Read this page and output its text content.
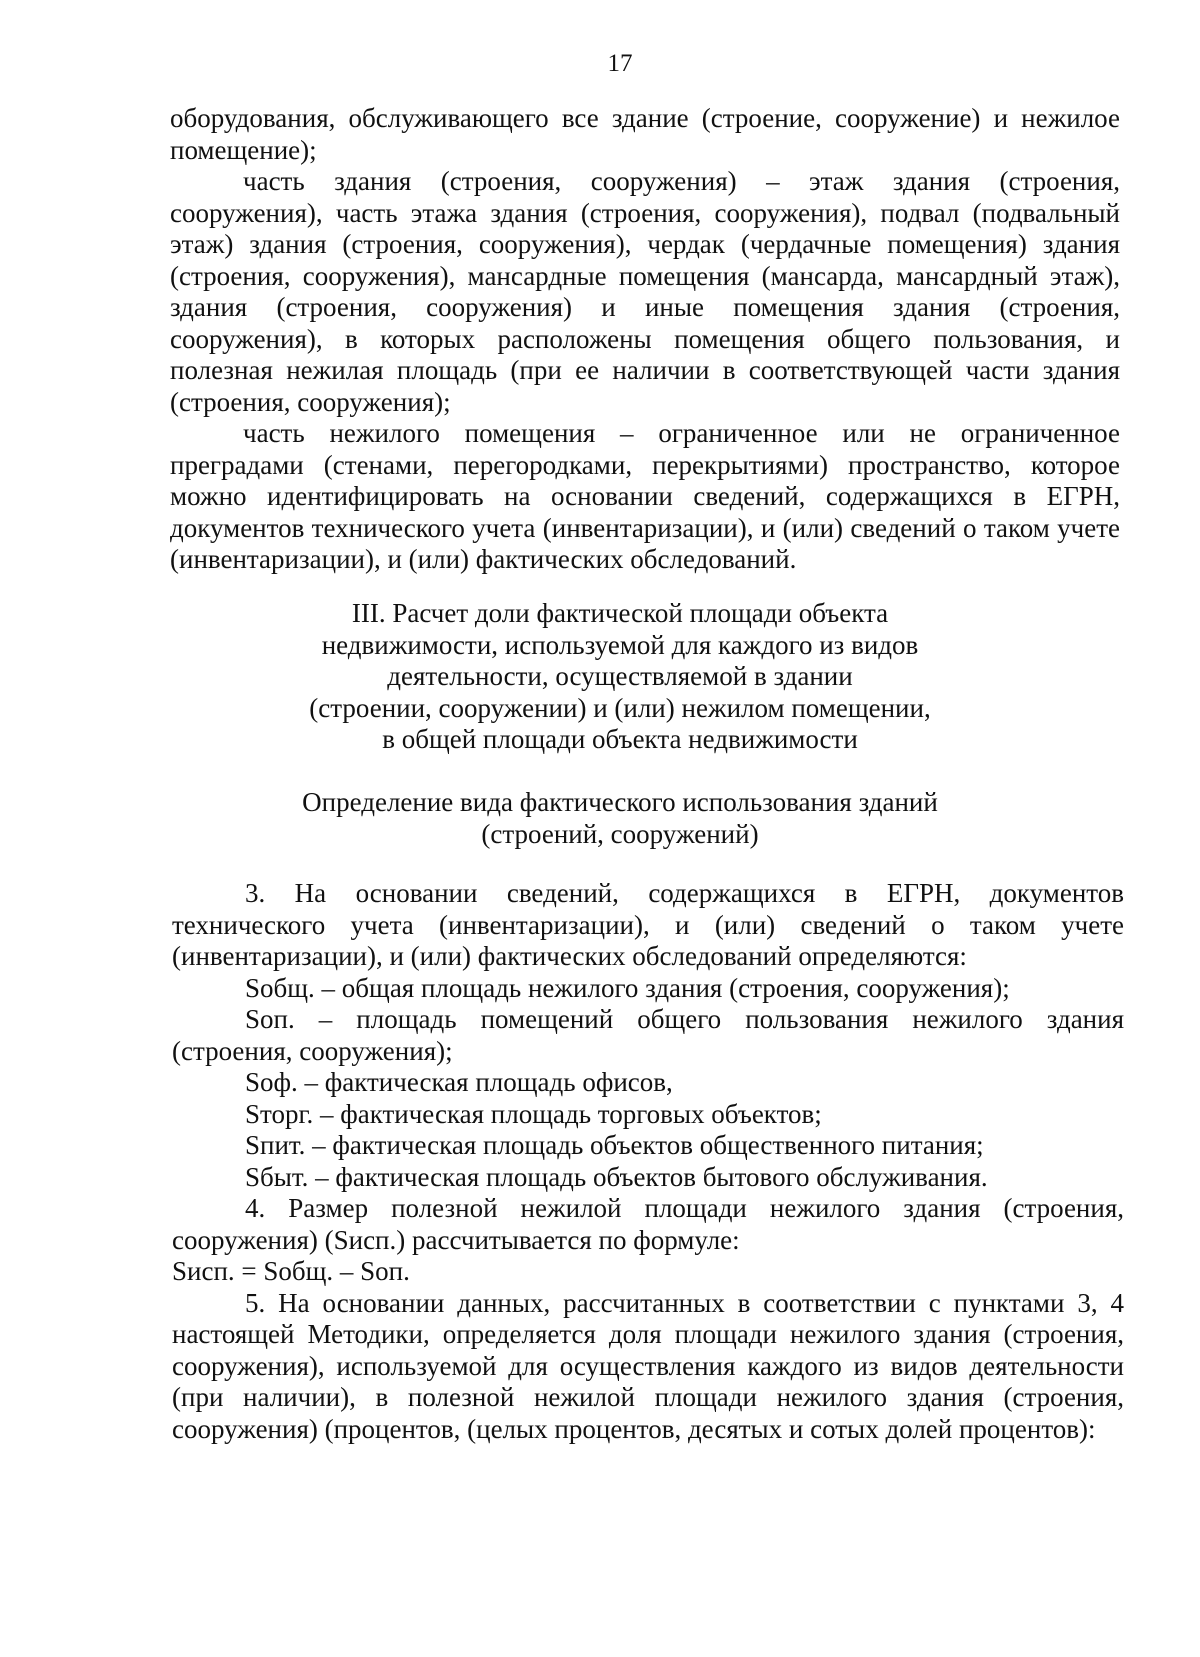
17

оборудования, обслуживающего все здание (строение, сооружение) и нежилое помещение);

часть здания (строения, сооружения) – этаж здания (строения, сооружения), часть этажа здания (строения, сооружения), подвал (подвальный этаж) здания (строения, сооружения), чердак (чердачные помещения) здания (строения, сооружения), мансардные помещения (мансарда, мансардный этаж), здания (строения, сооружения) и иные помещения здания (строения, сооружения), в которых расположены помещения общего пользования, и полезная нежилая площадь (при ее наличии в соответствующей части здания (строения, сооружения);

часть нежилого помещения – ограниченное или не ограниченное преградами (стенами, перегородками, перекрытиями) пространство, которое можно идентифицировать на основании сведений, содержащихся в ЕГРН, документов технического учета (инвентаризации), и (или) сведений о таком учете (инвентаризации), и (или) фактических обследований.

III. Расчет доли фактической площади объекта
недвижимости, используемой для каждого из видов
деятельности, осуществляемой в здании
(строении, сооружении) и (или) нежилом помещении,
в общей площади объекта недвижимости
Определение вида фактического использования зданий
(строений, сооружений)

3. На основании сведений, содержащихся в ЕГРН, документов технического учета (инвентаризации), и (или) сведений о таком учете (инвентаризации), и (или) фактических обследований определяются:

Sобщ. – общая площадь нежилого здания (строения, сооружения);

Sоп. – площадь помещений общего пользования нежилого здания (строения, сооружения);

Sоф. – фактическая площадь офисов,

Sторг. – фактическая площадь торговых объектов;

Sпит. – фактическая площадь объектов общественного питания;

Sбыт. – фактическая площадь объектов бытового обслуживания.

4. Размер полезной нежилой площади нежилого здания (строения, сооружения) (Sисп.) рассчитывается по формуле:

Sисп. = Sобщ. – Sоп.

5. На основании данных, рассчитанных в соответствии с пунктами 3, 4 настоящей Методики, определяется доля площади нежилого здания (строения, сооружения), используемой для осуществления каждого из видов деятельности (при наличии), в полезной нежилой площади нежилого здания (строения, сооружения) (процентов, (целых процентов, десятых и сотых долей процентов):
